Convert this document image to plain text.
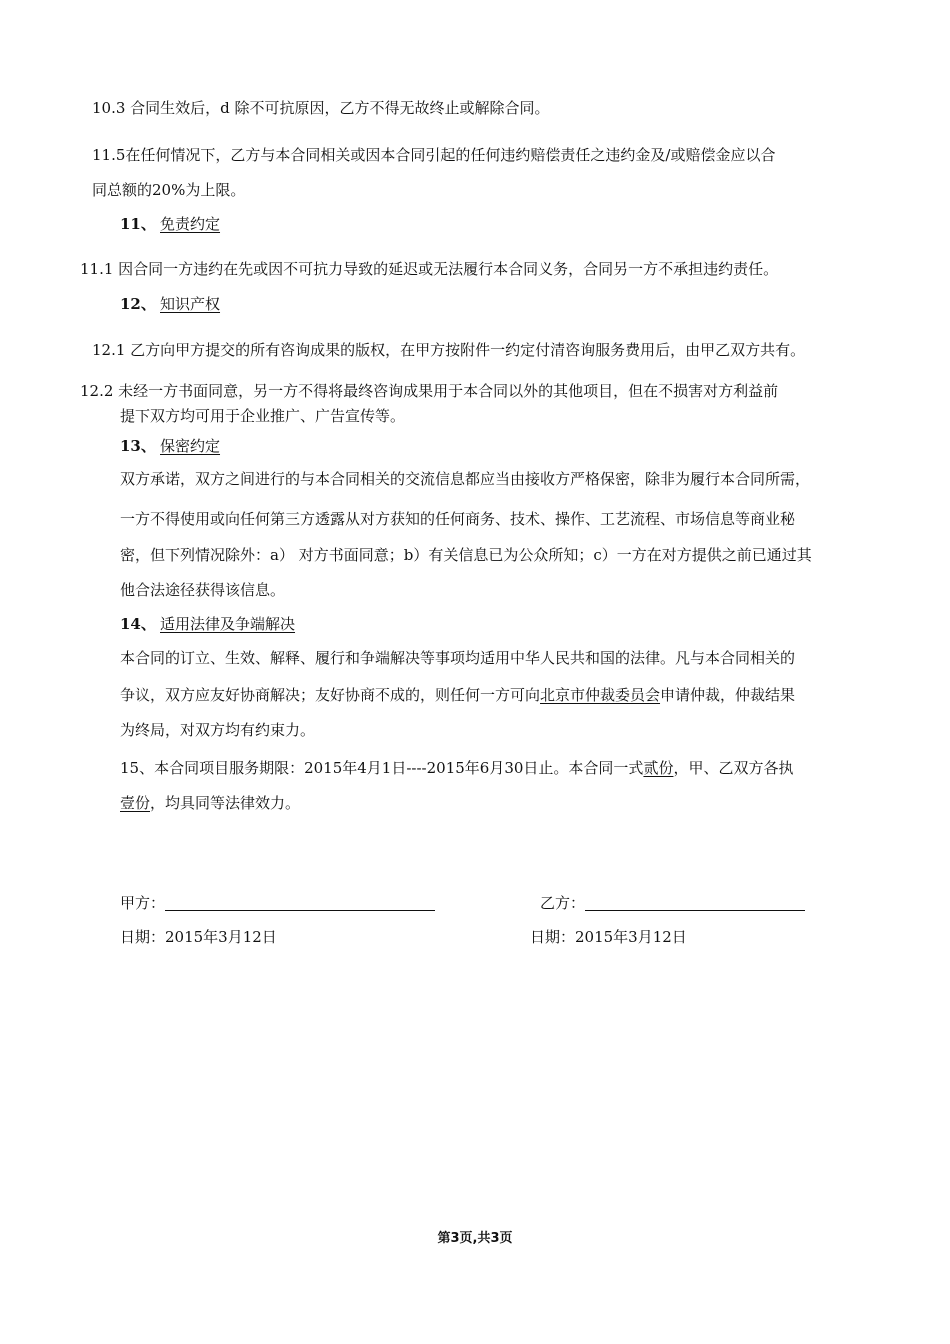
10.3 合同生效后，d 除不可抗原因，乙方不得无故终止或解除合同。
11.5在任何情况下，乙方与本合同相关或因本合同引起的任何违约赔偿责任之违约金及/或赔偿金应以合
同总额的20%为上限。
11、 免责约定
11.1 因合同一方违约在先或因不可抗力导致的延迟或无法履行本合同义务，合同另一方不承担违约责任。
12、 知识产权
12.1 乙方向甲方提交的所有咨询成果的版权，在甲方按附件一约定付清咨询服务费用后，由甲乙双方共有。
12.2 未经一方书面同意，另一方不得将最终咨询成果用于本合同以外的其他项目，但在不损害对方利益前
提下双方均可用于企业推广、广告宣传等。
13、 保密约定
双方承诺，双方之间进行的与本合同相关的交流信息都应当由接收方严格保密，除非为履行本合同所需，
一方不得使用或向任何第三方透露从对方获知的任何商务、技术、操作、工艺流程、市场信息等商业秘
密，但下列情况除外：a） 对方书面同意；b）有关信息已为公众所知；c）一方在对方提供之前已通过其
他合法途径获得该信息。
14、 适用法律及争端解决
本合同的订立、生效、解释、履行和争端解决等事项均适用中华人民共和国的法律。凡与本合同相关的
争议，双方应友好协商解决；友好协商不成的，则任何一方可向北京市仲裁委员会申请仲裁，仲裁结果
为终局，对双方均有约束力。
15、本合同项目服务期限：2015年4月1日----2015年6月30日止。本合同一式贰份，甲、乙双方各执
壹份，均具同等法律效力。
甲方：	乙方：
日期：2015年3月12日	日期：2015年3月12日
第3页,共3页
